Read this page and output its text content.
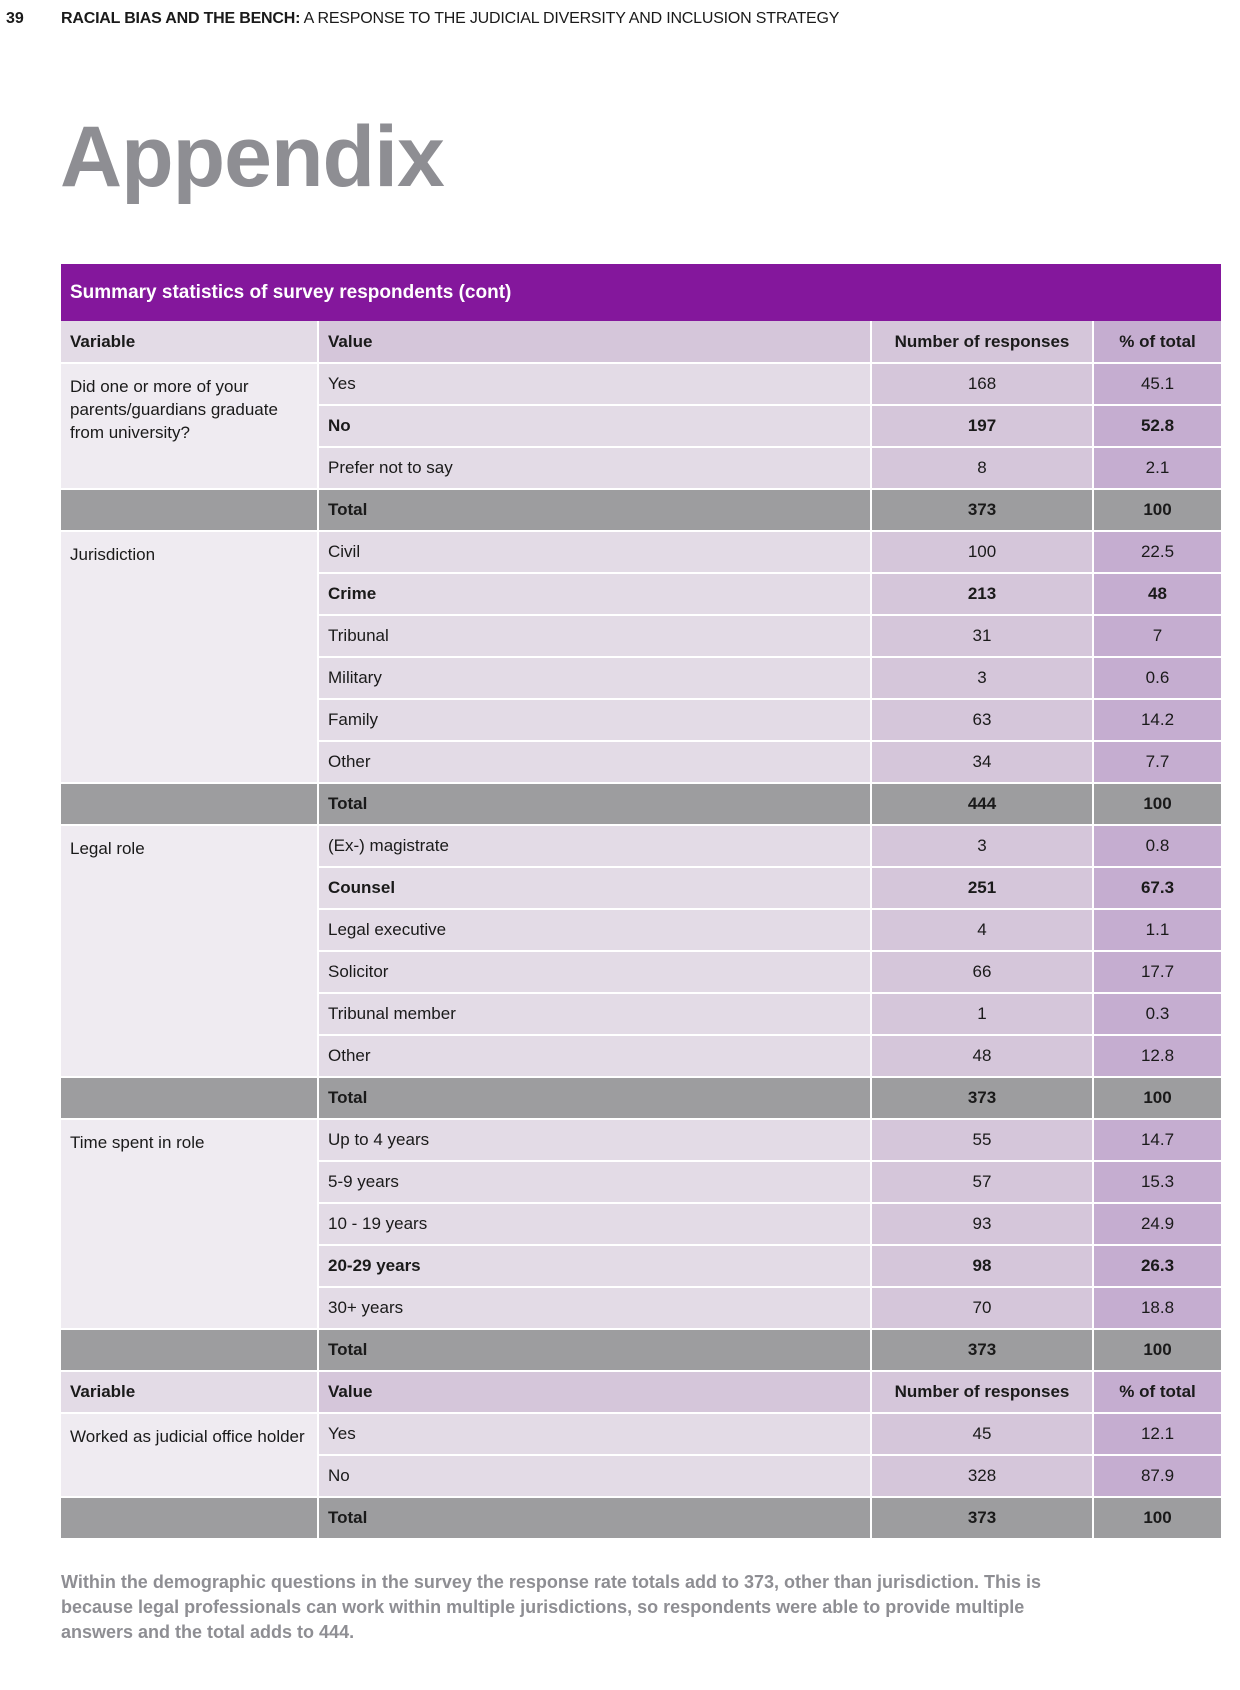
39 RACIAL BIAS AND THE BENCH: A RESPONSE TO THE JUDICIAL DIVERSITY AND INCLUSION STRATEGY
Appendix
Summary statistics of survey respondents (cont)
Variable	Value	Number of responses	% of total
Did one or more of your parents/guardians graduate from university?	Yes	168	45.1
	No	197	52.8
	Prefer not to say	8	2.1
	Total	373	100
Jurisdiction	Civil	100	22.5
	Crime	213	48
	Tribunal	31	7
	Military	3	0.6
	Family	63	14.2
	Other	34	7.7
	Total	444	100
Legal role	(Ex-) magistrate	3	0.8
	Counsel	251	67.3
	Legal executive	4	1.1
	Solicitor	66	17.7
	Tribunal member	1	0.3
	Other	48	12.8
	Total	373	100
Time spent in role	Up to 4 years	55	14.7
	5-9 years	57	15.3
	10 - 19 years	93	24.9
	20-29 years	98	26.3
	30+ years	70	18.8
	Total	373	100
Variable	Value	Number of responses	% of total
Worked as judicial office holder	Yes	45	12.1
	No	328	87.9
	Total	373	100
Within the demographic questions in the survey the response rate totals add to 373, other than jurisdiction. This is because legal professionals can work within multiple jurisdictions, so respondents were able to provide multiple answers and the total adds to 444.
